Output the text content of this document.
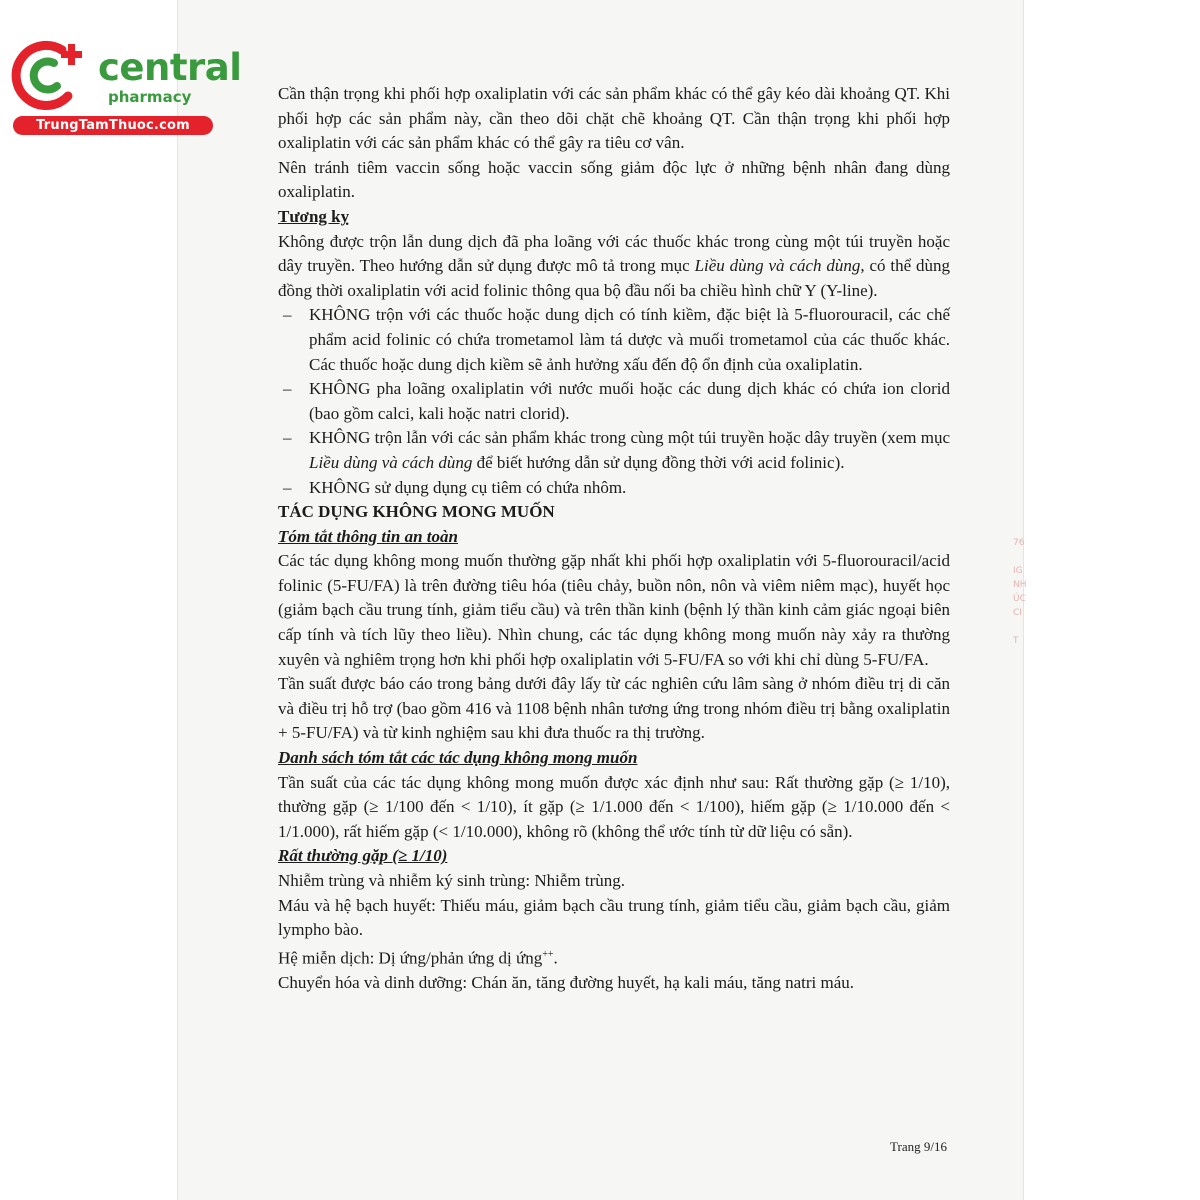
central
pharmacy
TrungTamThuoc.com

Cần thận trọng khi phối hợp oxaliplatin với các sản phẩm khác có thể gây kéo dài khoảng QT. Khi phối hợp các sản phẩm này, cần theo dõi chặt chẽ khoảng QT. Cần thận trọng khi phối hợp oxaliplatin với các sản phẩm khác có thể gây ra tiêu cơ vân.

Nên tránh tiêm vaccin sống hoặc vaccin sống giảm độc lực ở những bệnh nhân đang dùng oxaliplatin.

Tương kỵ

Không được trộn lẫn dung dịch đã pha loãng với các thuốc khác trong cùng một túi truyền hoặc dây truyền. Theo hướng dẫn sử dụng được mô tả trong mục Liều dùng và cách dùng, có thể dùng đồng thời oxaliplatin với acid folinic thông qua bộ đầu nối ba chiều hình chữ Y (Y-line).

– KHÔNG trộn với các thuốc hoặc dung dịch có tính kiềm, đặc biệt là 5-fluorouracil, các chế phẩm acid folinic có chứa trometamol làm tá dược và muối trometamol của các thuốc khác. Các thuốc hoặc dung dịch kiềm sẽ ảnh hưởng xấu đến độ ổn định của oxaliplatin.
– KHÔNG pha loãng oxaliplatin với nước muối hoặc các dung dịch khác có chứa ion clorid (bao gồm calci, kali hoặc natri clorid).
– KHÔNG trộn lẫn với các sản phẩm khác trong cùng một túi truyền hoặc dây truyền (xem mục Liều dùng và cách dùng để biết hướng dẫn sử dụng đồng thời với acid folinic).
– KHÔNG sử dụng dụng cụ tiêm có chứa nhôm.

TÁC DỤNG KHÔNG MONG MUỐN

Tóm tắt thông tin an toàn

Các tác dụng không mong muốn thường gặp nhất khi phối hợp oxaliplatin với 5-fluorouracil/acid folinic (5-FU/FA) là trên đường tiêu hóa (tiêu chảy, buồn nôn, nôn và viêm niêm mạc), huyết học (giảm bạch cầu trung tính, giảm tiểu cầu) và trên thần kinh (bệnh lý thần kinh cảm giác ngoại biên cấp tính và tích lũy theo liều). Nhìn chung, các tác dụng không mong muốn này xảy ra thường xuyên và nghiêm trọng hơn khi phối hợp oxaliplatin với 5-FU/FA so với khi chỉ dùng 5-FU/FA.

Tần suất được báo cáo trong bảng dưới đây lấy từ các nghiên cứu lâm sàng ở nhóm điều trị di căn và điều trị hỗ trợ (bao gồm 416 và 1108 bệnh nhân tương ứng trong nhóm điều trị bằng oxaliplatin + 5-FU/FA) và từ kinh nghiệm sau khi đưa thuốc ra thị trường.

Danh sách tóm tắt các tác dụng không mong muốn

Tần suất của các tác dụng không mong muốn được xác định như sau: Rất thường gặp (≥ 1/10), thường gặp (≥ 1/100 đến < 1/10), ít gặp (≥ 1/1.000 đến < 1/100), hiếm gặp (≥ 1/10.000 đến < 1/1.000), rất hiếm gặp (< 1/10.000), không rõ (không thể ước tính từ dữ liệu có sẵn).

Rất thường gặp (≥ 1/10)

Nhiễm trùng và nhiễm ký sinh trùng: Nhiễm trùng.

Máu và hệ bạch huyết: Thiếu máu, giảm bạch cầu trung tính, giảm tiểu cầu, giảm bạch cầu, giảm lympho bào.

Hệ miễn dịch: Dị ứng/phản ứng dị ứng++.

Chuyển hóa và dinh dưỡng: Chán ăn, tăng đường huyết, hạ kali máu, tăng natri máu.

Trang 9/16
76
IG
NH
ÚC
CI
T
